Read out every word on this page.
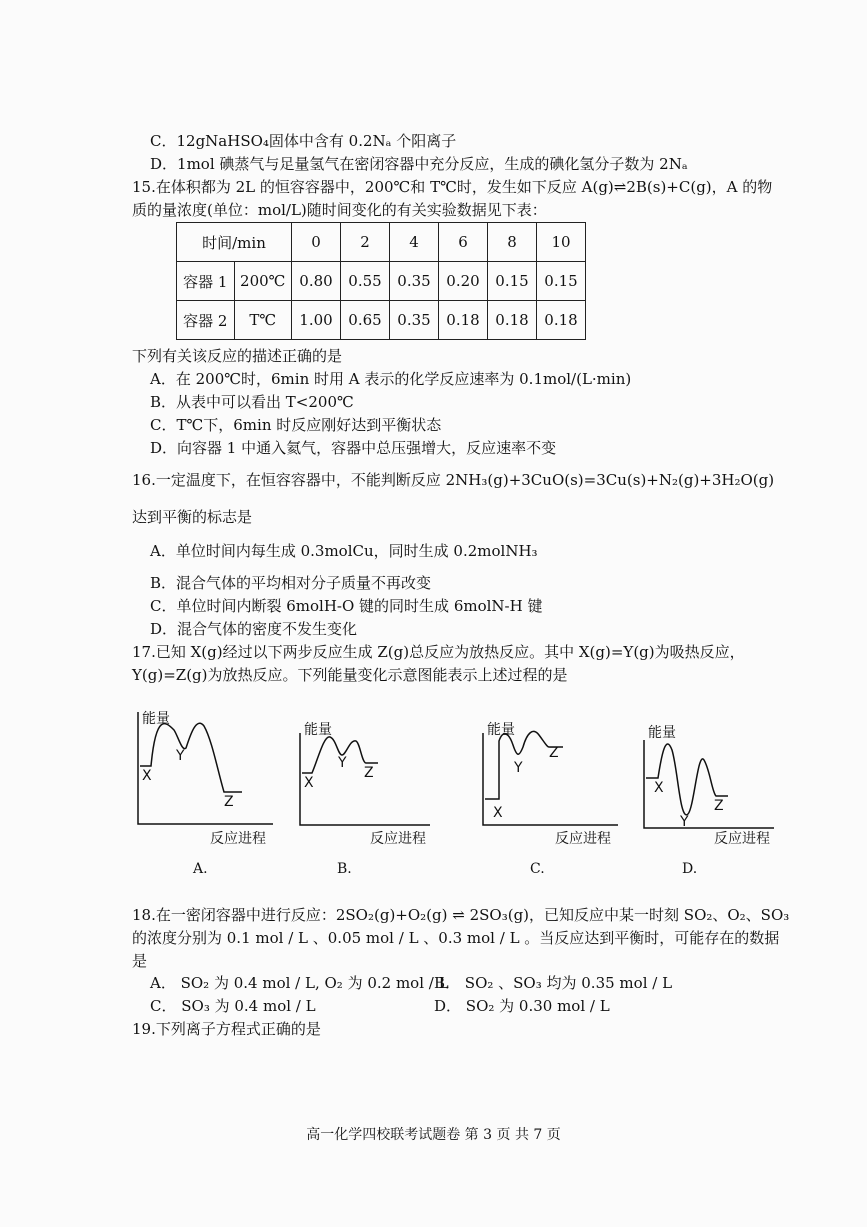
C．12gNaHSO₄固体中含有 0.2Nₐ 个阳离子
D．1mol 碘蒸气与足量氢气在密闭容器中充分反应，生成的碘化氢分子数为 2Nₐ
15.在体积都为 2L 的恒容容器中，200℃和 T℃时，发生如下反应 A(g)⇌2B(s)+C(g)，A 的物
质的量浓度(单位：mol/L)随时间变化的有关实验数据见下表：
时间/min		0	2	4	6	8	10
容器 1	200℃	0.80	0.55	0.35	0.20	0.15	0.15
容器 2	T℃	1.00	0.65	0.35	0.18	0.18	0.18
下列有关该反应的描述正确的是
A．在 200℃时，6min 时用 A 表示的化学反应速率为 0.1mol/(L·min)
B．从表中可以看出 T<200℃
C．T℃下，6min 时反应刚好达到平衡状态
D．向容器 1 中通入氦气，容器中总压强增大，反应速率不变
16.一定温度下，在恒容容器中，不能判断反应 2NH₃(g)+3CuO(s)=3Cu(s)+N₂(g)+3H₂O(g)
达到平衡的标志是
A．单位时间内每生成 0.3molCu，同时生成 0.2molNH₃
B．混合气体的平均相对分子质量不再改变
C．单位时间内断裂 6molH-O 键的同时生成 6molN-H 键
D．混合气体的密度不发生变化
17.已知 X(g)经过以下两步反应生成 Z(g)总反应为放热反应。其中 X(g)=Y(g)为吸热反应，
Y(g)=Z(g)为放热反应。下列能量变化示意图能表示上述过程的是
能量
X
Y
Z
反应进程
A.
能量
X
Y
Z
反应进程
B.
能量
X
Y
Z
反应进程
C.
能量
X
Y
Z
反应进程
D.
18.在一密闭容器中进行反应：2SO₂(g)+O₂(g) ⇌ 2SO₃(g)，已知反应中某一时刻 SO₂、O₂、SO₃
的浓度分别为 0.1 mol / L 、0.05 mol / L 、0.3 mol / L 。当反应达到平衡时，可能存在的数据
是
A． SO₂ 为 0.4 mol / L, O₂ 为 0.2 mol / L
B． SO₂ 、SO₃ 均为 0.35 mol / L
C． SO₃ 为 0.4 mol / L	D． SO₂ 为 0.30 mol / L
19.下列离子方程式正确的是
高一化学四校联考试题卷 第 3 页 共 7 页
